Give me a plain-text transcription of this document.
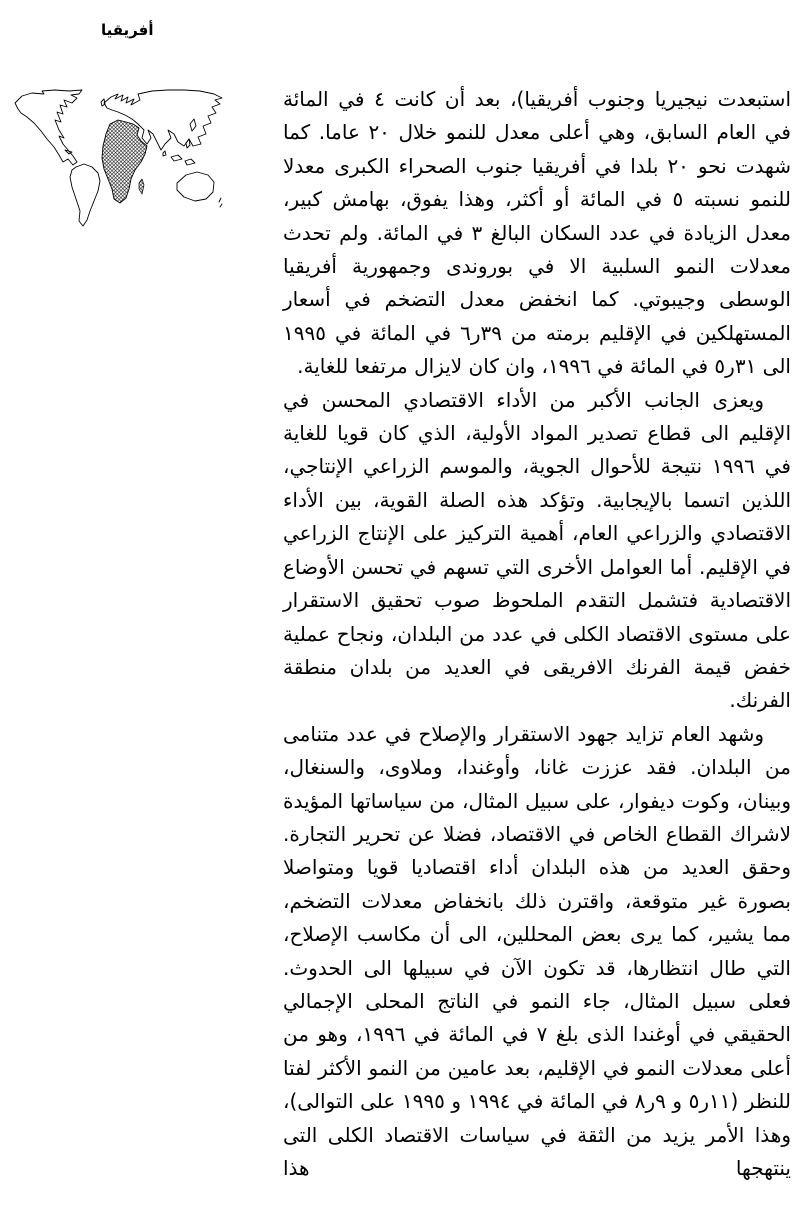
أفريقيا

استبعدت نيجيريا وجنوب أفريقيا)، بعد أن كانت ٤ في المائة في العام السابق، وهي أعلى معدل للنمو خلال ٢٠ عاما. كما شهدت نحو ٢٠ بلدا في أفريقيا جنوب الصحراء الكبرى معدلا للنمو نسبته ٥ في المائة أو أكثر، وهذا يفوق، بهامش كبير، معدل الزيادة في عدد السكان البالغ ٣ في المائة. ولم تحدث معدلات النمو السلبية الا في بوروندى وجمهورية أفريقيا الوسطى وجيبوتي. كما انخفض معدل التضخم في أسعار المستهلكين في الإقليم برمته من ٣٩ر٦ في المائة في ١٩٩٥ الى ٣١ر٥ في المائة في ١٩٩٦، وان كان لايزال مرتفعا للغاية.

ويعزى الجانب الأكبر من الأداء الاقتصادي المحسن في الإقليم الى قطاع تصدير المواد الأولية، الذي كان قويا للغاية في ١٩٩٦ نتيجة للأحوال الجوية، والموسم الزراعي الإنتاجي، اللذين اتسما بالإيجابية. وتؤكد هذه الصلة القوية، بين الأداء الاقتصادي والزراعي العام، أهمية التركيز على الإنتاج الزراعي في الإقليم. أما العوامل الأخرى التي تسهم في تحسن الأوضاع الاقتصادية فتشمل التقدم الملحوظ صوب تحقيق الاستقرار على مستوى الاقتصاد الكلى في عدد من البلدان، ونجاح عملية خفض قيمة الفرنك الافريقى في العديد من بلدان منطقة الفرنك.

وشهد العام تزايد جهود الاستقرار والإصلاح في عدد متنامى من البلدان. فقد عززت غانا، وأوغندا، وملاوى، والسنغال، وبينان، وكوت ديفوار، على سبيل المثال، من سياساتها المؤيدة لاشراك القطاع الخاص في الاقتصاد، فضلا عن تحرير التجارة. وحقق العديد من هذه البلدان أداء اقتصاديا قويا ومتواصلا بصورة غير متوقعة، واقترن ذلك بانخفاض معدلات التضخم، مما يشير، كما يرى بعض المحللين، الى أن مكاسب الإصلاح، التي طال انتظارها، قد تكون الآن في سبيلها الى الحدوث. فعلى سبيل المثال، جاء النمو في الناتج المحلى الإجمالي الحقيقي في أوغندا الذى بلغ ٧ في المائة في ١٩٩٦، وهو من أعلى معدلات النمو في الإقليم، بعد عامين من النمو الأكثر لفتا للنظر (١١ر٥ و ٩ر٨ في المائة في ١٩٩٤ و ١٩٩٥ على التوالى)، وهذا الأمر يزيد من الثقة في سياسات الاقتصاد الكلى التى ينتهجها هذا
